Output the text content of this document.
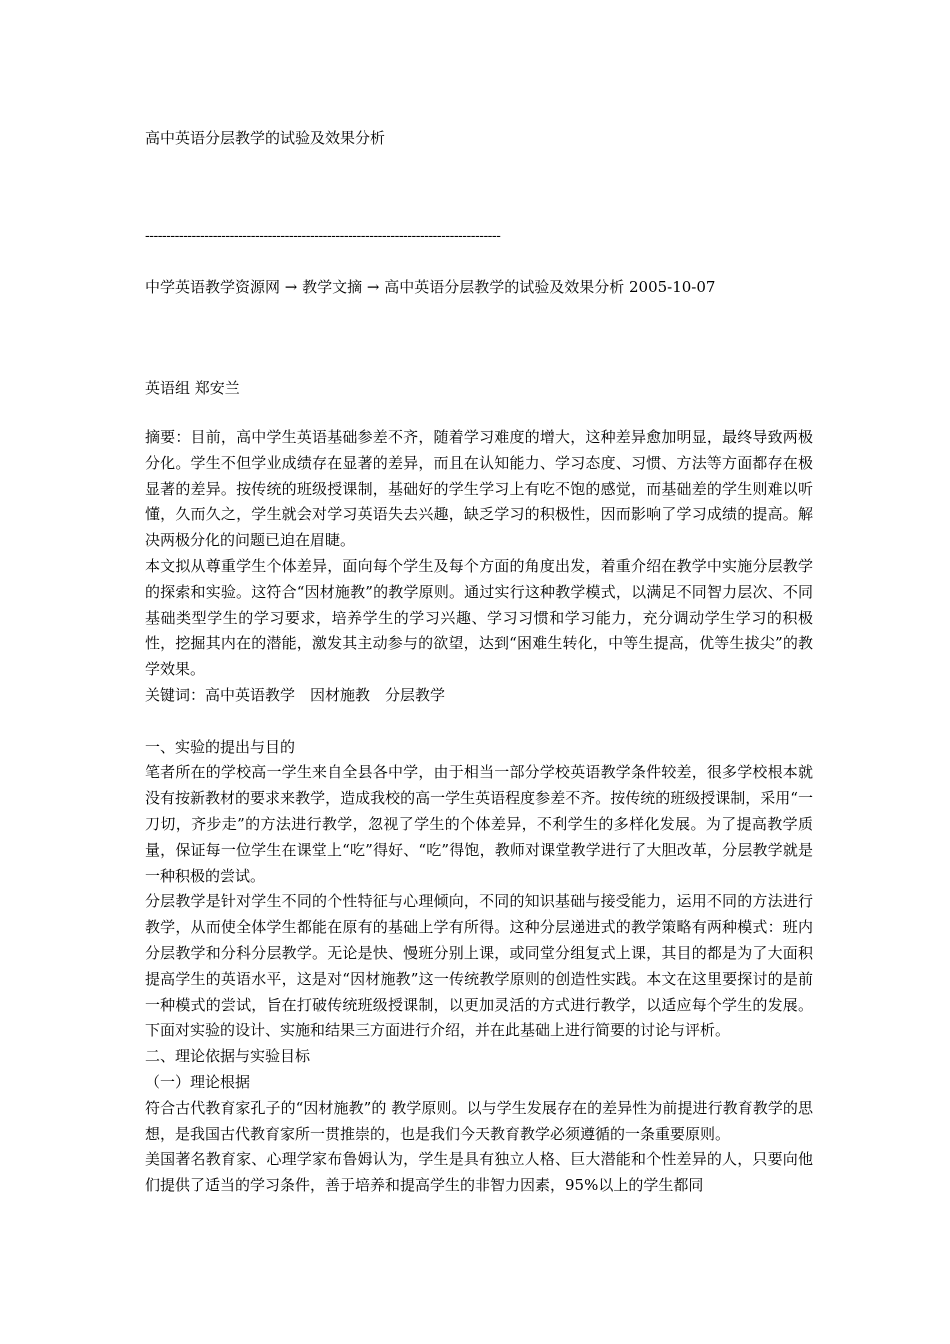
高中英语分层教学的试验及效果分析
------------------------------------------------------------------------------------
中学英语教学资源网 → 教学文摘 → 高中英语分层教学的试验及效果分析 2005-10-07
英语组 郑安兰

摘要：目前，高中学生英语基础参差不齐，随着学习难度的增大，这种差异愈加明显，最终导致两极分化。学生不但学业成绩存在显著的差异，而且在认知能力、学习态度、习惯、方法等方面都存在极显著的差异。按传统的班级授课制，基础好的学生学习上有吃不饱的感觉，而基础差的学生则难以听懂，久而久之，学生就会对学习英语失去兴趣，缺乏学习的积极性，因而影响了学习成绩的提高。解决两极分化的问题已迫在眉睫。

本文拟从尊重学生个体差异，面向每个学生及每个方面的角度出发，着重介绍在教学中实施分层教学的探索和实验。这符合“因材施教”的教学原则。通过实行这种教学模式，以满足不同智力层次、不同基础类型学生的学习要求，培养学生的学习兴趣、学习习惯和学习能力，充分调动学生学习的积极性，挖掘其内在的潜能，激发其主动参与的欲望，达到“困难生转化，中等生提高，优等生拔尖”的教学效果。

关键词：高中英语教学　因材施教　分层教学

一、实验的提出与目的

笔者所在的学校高一学生来自全县各中学，由于相当一部分学校英语教学条件较差，很多学校根本就没有按新教材的要求来教学，造成我校的高一学生英语程度参差不齐。按传统的班级授课制，采用“一刀切，齐步走”的方法进行教学，忽视了学生的个体差异，不利学生的多样化发展。为了提高教学质量，保证每一位学生在课堂上“吃”得好、“吃”得饱，教师对课堂教学进行了大胆改革，分层教学就是一种积极的尝试。

分层教学是针对学生不同的个性特征与心理倾向，不同的知识基础与接受能力，运用不同的方法进行教学，从而使全体学生都能在原有的基础上学有所得。这种分层递进式的教学策略有两种模式：班内分层教学和分科分层教学。无论是快、慢班分别上课，或同堂分组复式上课，其目的都是为了大面积提高学生的英语水平，这是对“因材施教”这一传统教学原则的创造性实践。本文在这里要探讨的是前一种模式的尝试，旨在打破传统班级授课制，以更加灵活的方式进行教学，以适应每个学生的发展。下面对实验的设计、实施和结果三方面进行介绍，并在此基础上进行简要的讨论与评析。

二、理论依据与实验目标

（一）理论根据

符合古代教育家孔子的“因材施教”的 教学原则。以与学生发展存在的差异性为前提进行教育教学的思想，是我国古代教育家所一贯推崇的，也是我们今天教育教学必须遵循的一条重要原则。

美国著名教育家、心理学家布鲁姆认为，学生是具有独立人格、巨大潜能和个性差异的人，只要向他们提供了适当的学习条件，善于培养和提高学生的非智力因素，95%以上的学生都同
